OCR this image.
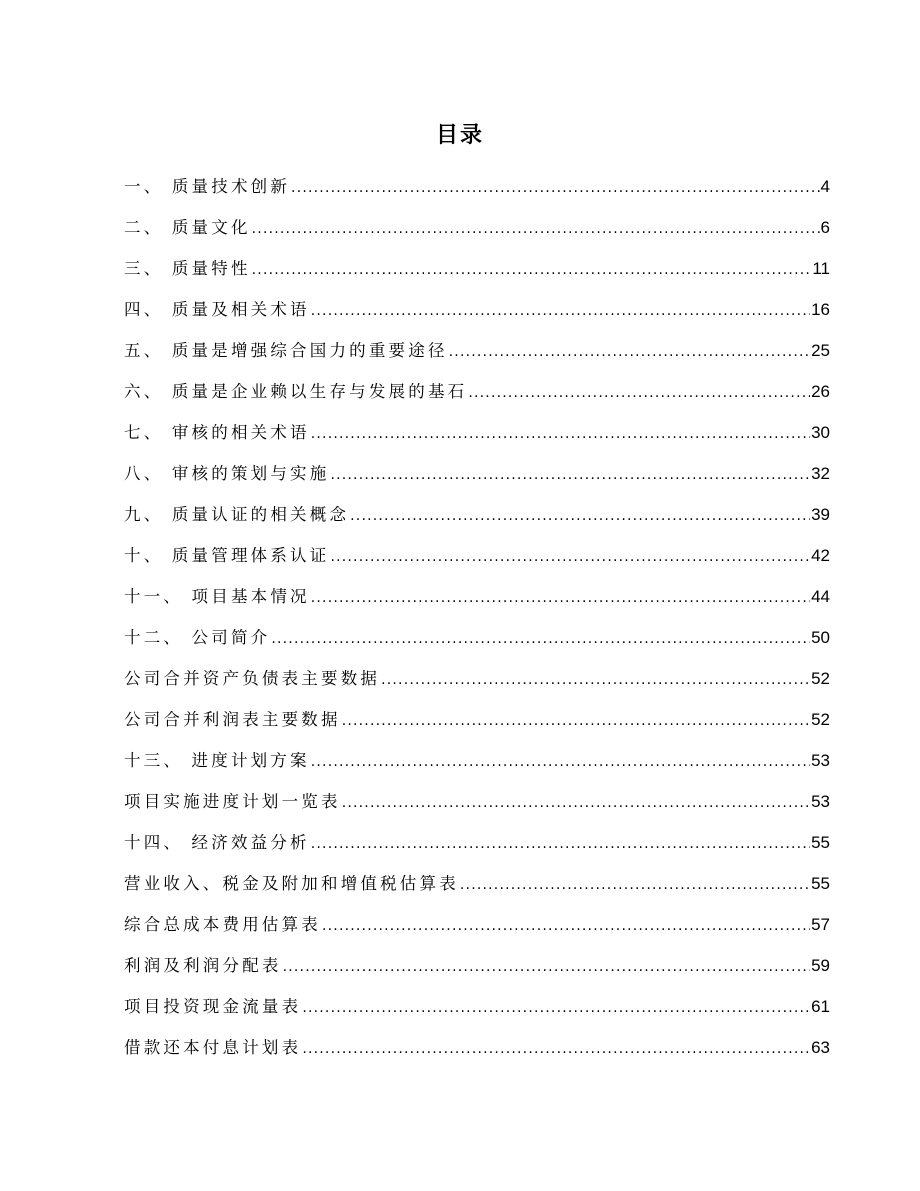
目录
一、 质量技术创新 .....	4
二、 质量文化 .....	6
三、 质量特性 .....	11
四、 质量及相关术语 .....	16
五、 质量是增强综合国力的重要途径 .....	25
六、 质量是企业赖以生存与发展的基石 .....	26
七、 审核的相关术语 .....	30
八、 审核的策划与实施 .....	32
九、 质量认证的相关概念 .....	39
十、 质量管理体系认证 .....	42
十一、 项目基本情况 .....	44
十二、 公司简介 .....	50
公司合并资产负债表主要数据 .....	52
公司合并利润表主要数据 .....	52
十三、 进度计划方案 .....	53
项目实施进度计划一览表 .....	53
十四、 经济效益分析 .....	55
营业收入、税金及附加和增值税估算表 .....	55
综合总成本费用估算表 .....	57
利润及利润分配表 .....	59
项目投资现金流量表 .....	61
借款还本付息计划表 .....	63
